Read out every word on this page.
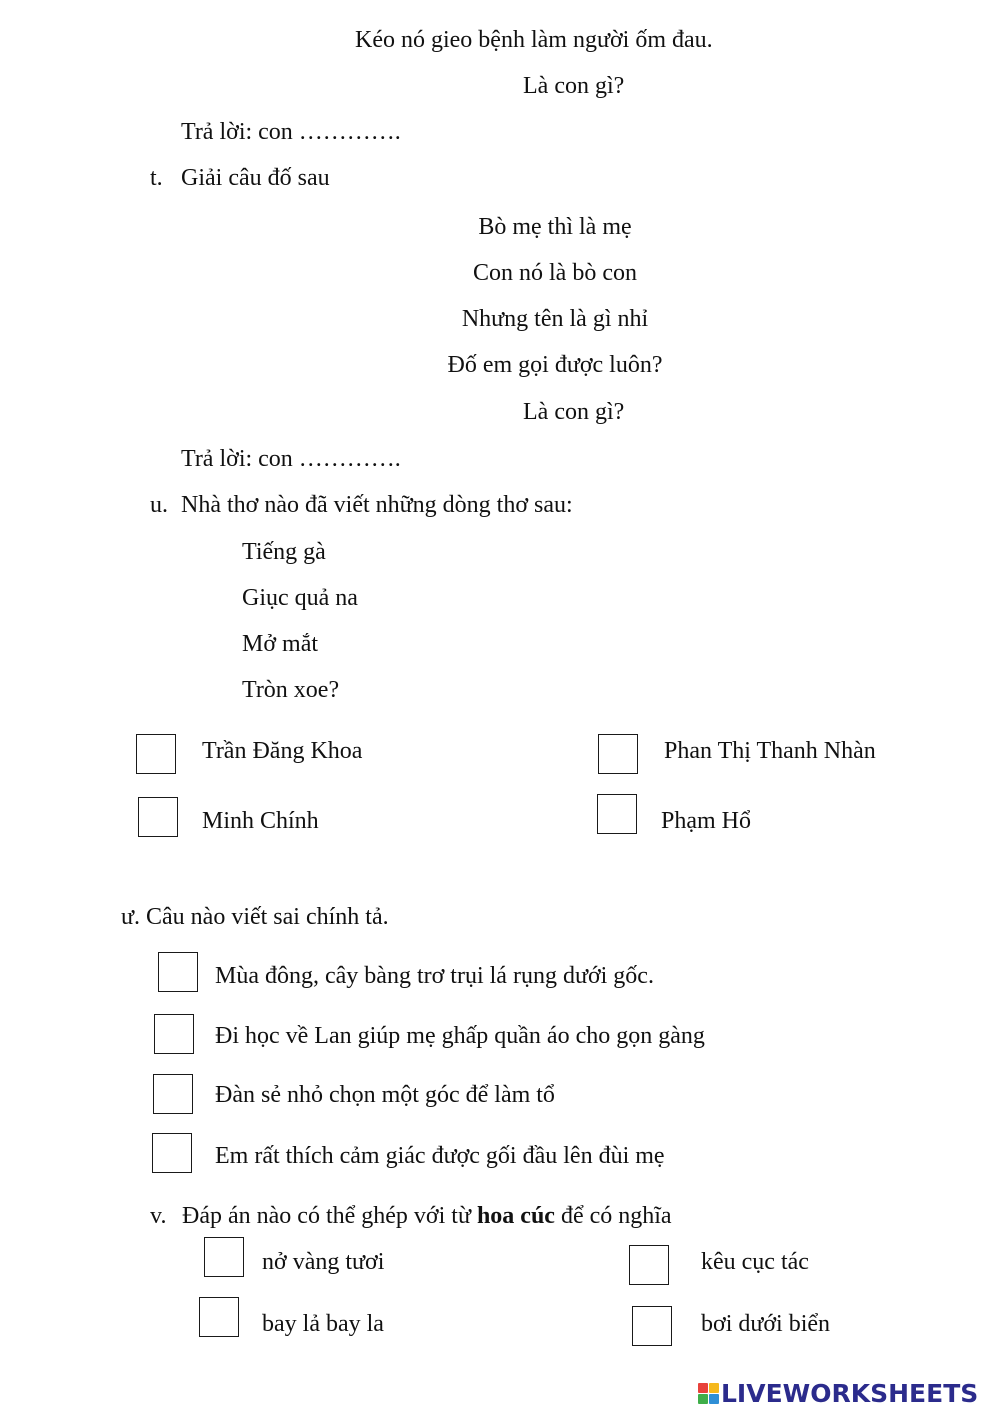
Kéo nó gieo bệnh làm người ốm đau.
Là con gì?
Trả lời: con ………….
t. Giải câu đố sau
Bò mẹ thì là mẹ
Con nó là bò con
Nhưng tên là gì nhỉ
Đố em gọi được luôn?
Là con gì?
Trả lời: con ………….
u. Nhà thơ nào đã viết những dòng thơ sau:
Tiếng gà
Giục quả na
Mở mắt
Tròn xoe?
Trần Đăng Khoa	Phan Thị Thanh Nhàn
Minh Chính	Phạm Hổ
ư. Câu nào viết sai chính tả.
Mùa đông, cây bàng trơ trụi lá rụng dưới gốc.
Đi học về Lan giúp mẹ ghấp quần áo cho gọn gàng
Đàn sẻ nhỏ chọn một góc để làm tổ
Em rất thích cảm giác được gối đầu lên đùi mẹ
v. Đáp án nào có thể ghép với từ hoa cúc để có nghĩa
nở vàng tươi	kêu cục tác
bay lả bay la	bơi dưới biển
LIVEWORKSHEETS
